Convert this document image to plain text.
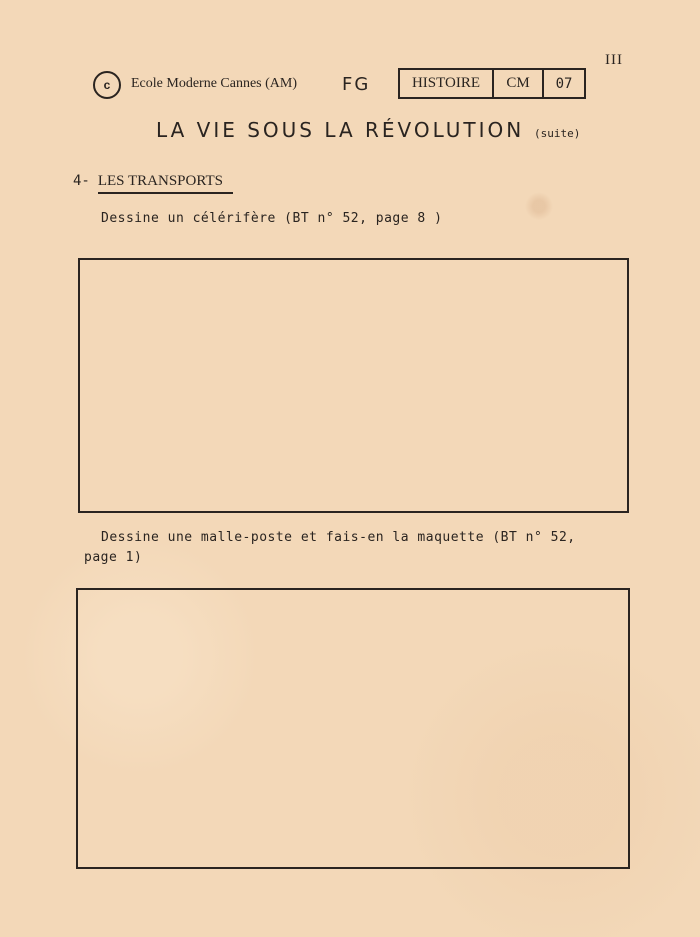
III
c Ecole Moderne Cannes (AM) FG	HISTOIRE	CM	07
LA VIE SOUS LA RÉVOLUTION (suite)
4- LES TRANSPORTS
Dessine un célérifère (BT n° 52, page 8 )
Dessine une malle-poste et fais-en la maquette (BT n° 52, page 1)
